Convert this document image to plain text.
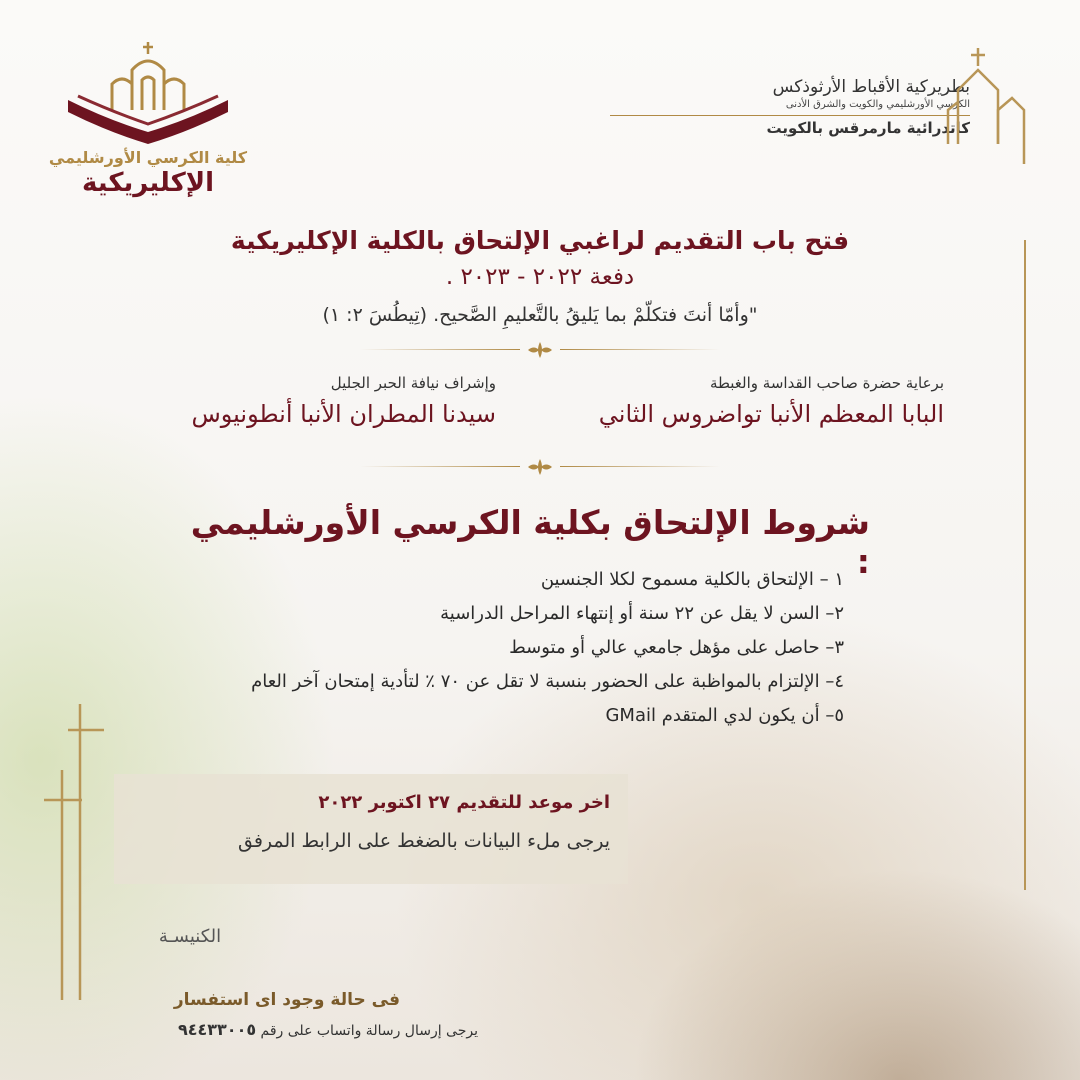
كلية الكرسي الأورشليمي
الإكليريكية
بطريركية الأقباط الأرثوذكس
الكرسي الأورشليمي والكويت والشرق الأدنى
كاتدرائية مارمرقس بالكويت
فتح باب التقديم لراغبي الإلتحاق بالكلية الإكليريكية
دفعة ٢٠٢٢ - ٢٠٢٣ .
"وأمّا أنتَ فتكلّمْ بما يَليقُ بالتَّعليمِ الصَّحيح. (تِيطُسَ ٢: ١)
برعاية حضرة صاحب القداسة والغبطة
البابا المعظم الأنبا تواضروس الثاني
وإشراف نيافة الحبر الجليل
سيدنا المطران الأنبا أنطونيوس
شروط الإلتحاق بكلية الكرسي الأورشليمي :
١ – الإلتحاق بالكلية مسموح لكلا الجنسين
٢– السن لا يقل عن ٢٢ سنة أو إنتهاء المراحل الدراسية
٣– حاصل على مؤهل جامعي عالي أو متوسط
٤– الإلتزام بالمواظبة على الحضور بنسبة لا تقل عن ٧٠ ٪ لتأدية إمتحان آخر العام
٥– أن يكون لدي المتقدم GMail
اخر موعد للتقديم ٢٧ اكتوبر ٢٠٢٢
يرجى ملء البيانات بالضغط على الرابط المرفق
الكنيسـة
فى حالة وجود اى استفسار
يرجى إرسال رسالة واتساب على رقم ٩٤٤٣٣٠٠٥
